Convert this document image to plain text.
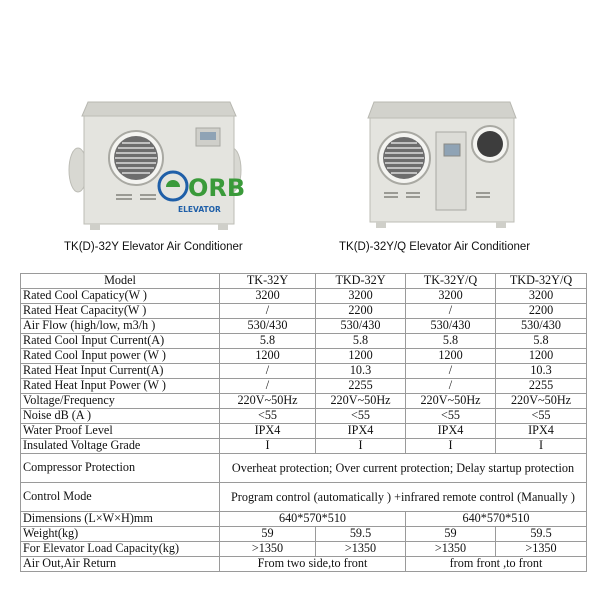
ORB
ELEVATOR
TK(D)-32Y Elevator Air Conditioner	TK(D)-32Y/Q Elevator Air Conditioner
Model	TK-32Y	TKD-32Y	TK-32Y/Q	TKD-32Y/Q
Rated Cool Capaticy(W )	3200	3200	3200	3200
Rated Heat Capacity(W )	/	2200	/	2200
Air Flow (high/low, m3/h )	530/430	530/430	530/430	530/430
Rated Cool Input Current(A)	5.8	5.8	5.8	5.8
Rated Cool Input power (W )	1200	1200	1200	1200
Rated Heat Input Current(A)	/	10.3	/	10.3
Rated Heat Input Power (W )	/	2255	/	2255
Voltage/Frequency	220V~50Hz	220V~50Hz	220V~50Hz	220V~50Hz
Noise dB (A )	<55	<55	<55	<55
Water Proof Level	IPX4	IPX4	IPX4	IPX4
Insulated Voltage Grade	I	I	I	I
Compressor Protection	Overheat protection; Over current protection; Delay startup protection			
Control Mode	Program control (automatically ) +infrared remote control (Manually )			
Dimensions (L×W×H)mm	640*570*510		640*570*510	
Weight(kg)	59	59.5	59	59.5
For Elevator Load Capacity(kg)	>1350	>1350	>1350	>1350
Air Out,Air Return	From two side,to front		from front ,to front	
